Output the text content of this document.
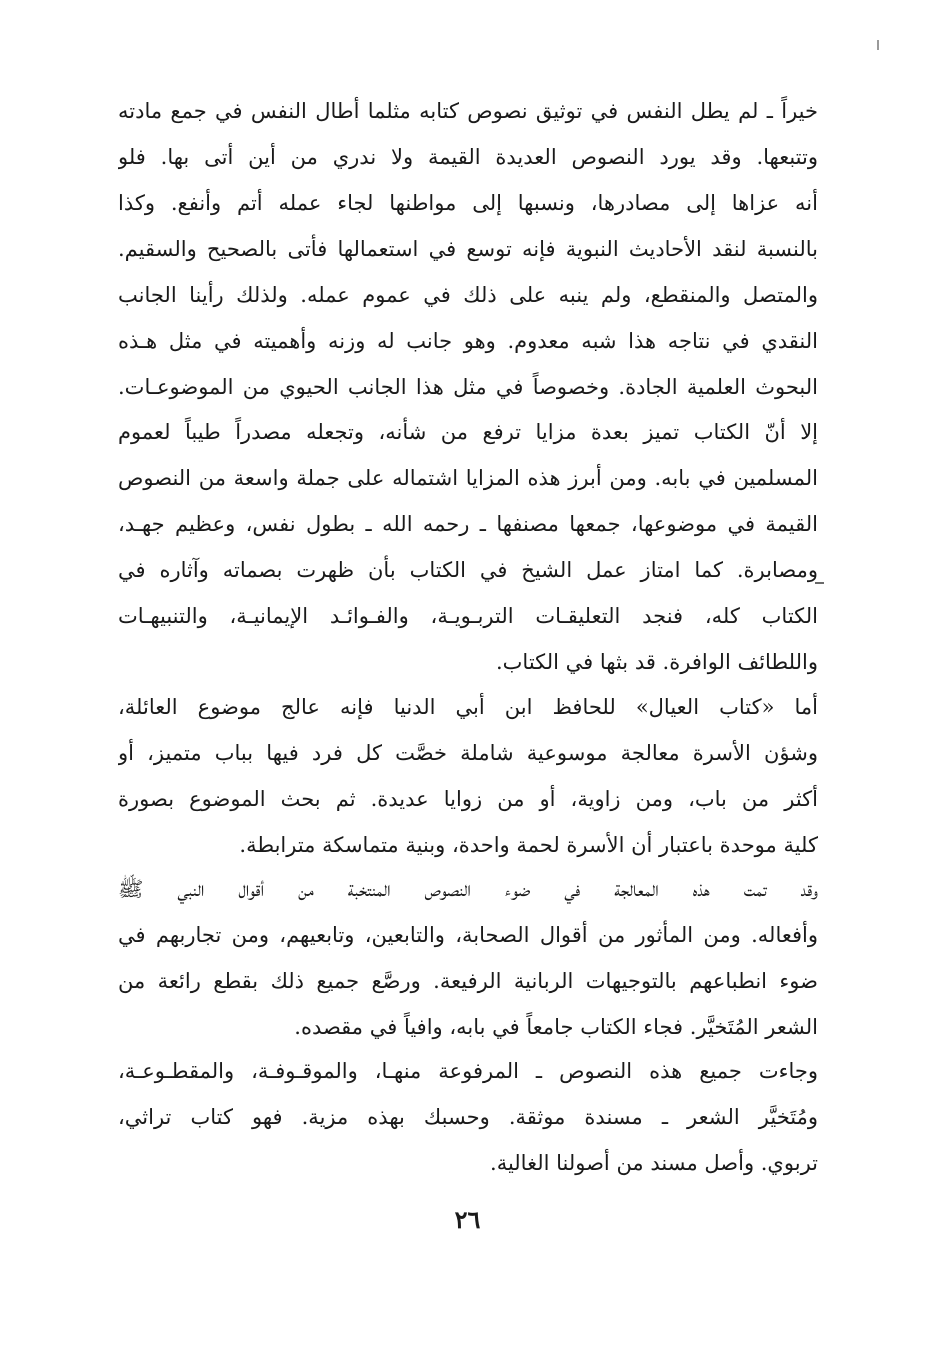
خيراً ـ لم يطل النفس في توثيق نصوص كتابه مثلما أطال النفس في جمع مادته
وتتبعها. وقد يورد النصوص العديدة القيمة ولا ندري من أين أتى بها. فلو
أنه عزاها إلى مصادرها، ونسبها إلى مواطنها لجاء عمله أتم وأنفع. وكذا
بالنسبة لنقد الأحاديث النبوية فإنه توسع في استعمالها فأتى بالصحيح والسقيم.
والمتصل والمنقطع، ولم ينبه على ذلك في عموم عمله. ولذلك رأينا الجانب
النقدي في نتاجه هذا شبه معدوم. وهو جانب له وزنه وأهميته في مثل هـذه
البحوث العلمية الجادة. وخصوصاً في مثل هذا الجانب الحيوي من الموضوعـات.
إلا أنّ الكتاب تميز بعدة مزايا ترفع من شأنه، وتجعله مصدراً طيباً لعموم
المسلمين في بابه. ومن أبرز هذه المزايا اشتماله على جملة واسعة من النصوص
القيمة في موضوعها، جمعها مصنفها ـ رحمه الله ـ بطول نفس، وعظيم جهـد،
ومصابرة. كما امتاز عمل الشيخ في الكتاب بأن ظهرت بصماته وآثاره في
الكتاب كله، فنجد التعليقـات التربـويـة، والفـوائـد الإيمانيـة، والتنبيهـات
واللطائف الوافرة. قد بثها في الكتاب.
أما «كتاب العيال» للحافظ ابن أبي الدنيا فإنه عالج موضوع العائلة،
وشؤن الأسرة معالجة موسوعية شاملة خصَّت كل فرد فيها بباب متميز، أو
أكثر من باب، ومن زاوية، أو من زوايا عديدة. ثم بحث الموضوع بصورة
كلية موحدة باعتبار أن الأسرة لحمة واحدة، وبنية متماسكة مترابطة.
وقد تمت هذه المعالجة في ضوء النصوص المنتخبة من أقوال النبي ﷺ
وأفعاله. ومن المأثور من أقوال الصحابة، والتابعين، وتابعيهم، ومن تجاربهم في
ضوء انطباعهم بالتوجيهات الربانية الرفيعة. ورصَّع جميع ذلك بقطع رائعة من
الشعر المُتَخيَّر. فجاء الكتاب جامعاً في بابه، وافياً في مقصده.
وجاءت جميع هذه النصوص ـ المرفوعة منهـا، والموقـوفـة، والمقطـوعـة،
ومُتَخيَّر الشعر ـ مسندة موثقة. وحسبك بهذه مزية. فهو كتاب تراثي،
تربوي. وأصل مسند من أصولنا الغالية.
٢٦
